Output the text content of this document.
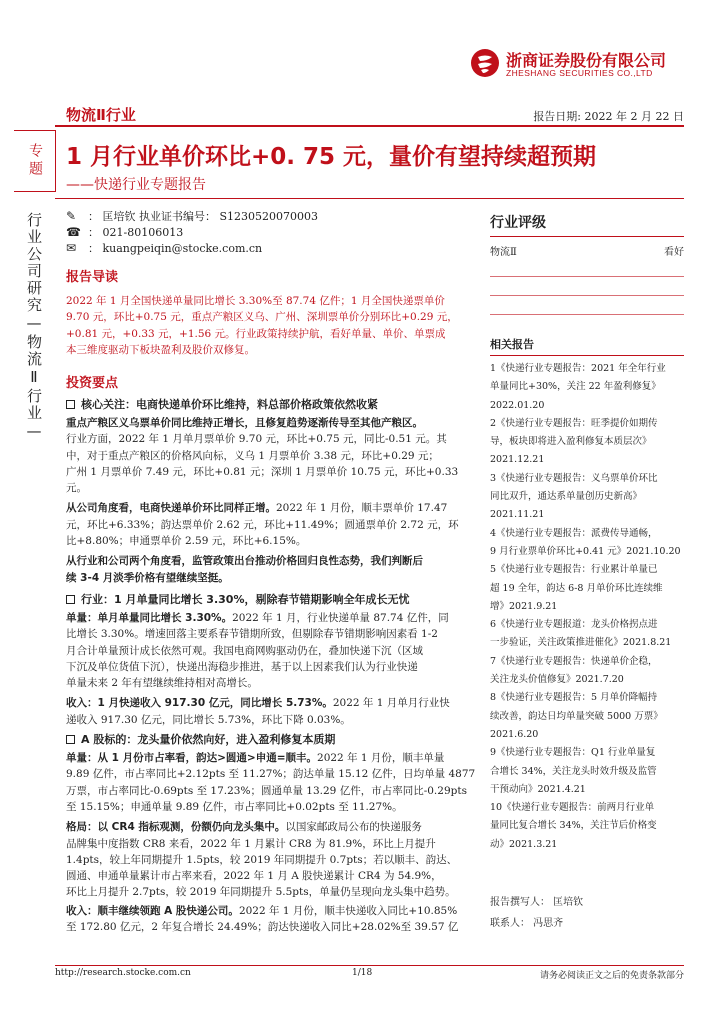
浙商证券股份有限公司
ZHESHANG SECURITIES CO.,LTD
物流Ⅱ行业	报告日期: 2022 年 2 月 22 日
专题
行业公司研究—物流Ⅱ行业—
1 月行业单价环比+0. 75 元，量价有望持续超预期
——快递行业专题报告
✎ ： 匡培钦 执业证书编号： S1230520070003
☎ ： 021-80106013
✉ ： kuangpeiqin@stocke.com.cn
报告导读
2022 年 1 月全国快递单量同比增长 3.30%至 87.74 亿件；1 月全国快递票单价
9.70 元，环比+0.75 元，重点产粮区义乌、广州、深圳票单价分别环比+0.29 元，
+0.81 元，+0.33 元，+1.56 元。行业政策持续护航，看好单量、单价、单票成
本三维度驱动下板块盈利及股价双修复。
投资要点
核心关注：电商快递单价环比维持，料总部价格政策依然收紧
重点产粮区义乌票单价同比维持正增长，且修复趋势逐渐传导至其他产粮区。
行业方面，2022 年 1 月单月票单价 9.70 元，环比+0.75 元，同比-0.51 元。其
中，对于重点产粮区的价格风向标，义乌 1 月票单价 3.38 元，环比+0.29 元；
广州 1 月票单价 7.49 元，环比+0.81 元；深圳 1 月票单价 10.75 元，环比+0.33
元。
从公司角度看，电商快递单价环比同样正增。2022 年 1 月份，顺丰票单价 17.47
元，环比+6.33%；韵达票单价 2.62 元，环比+11.49%；圆通票单价 2.72 元，环
比+8.80%；申通票单价 2.59 元，环比+6.15%。
从行业和公司两个角度看，监管政策出台推动价格回归良性态势，我们判断后
续 3-4 月淡季价格有望继续坚挺。
行业：1 月单量同比增长 3.30%，剔除春节错期影响全年成长无忧
单量：单月单量同比增长 3.30%。2022 年 1 月，行业快递单量 87.74 亿件，同
比增长 3.30%。增速回落主要系春节错期所致，但剔除春节错期影响因素看 1-2
月合计单量预计成长依然可观。我国电商网购驱动仍在，叠加快递下沉（区域
下沉及单位货值下沉），快递出海稳步推进，基于以上因素我们认为行业快递
单量未来 2 年有望继续维持相对高增长。
收入：1 月快递收入 917.30 亿元，同比增长 5.73%。2022 年 1 月单月行业快
递收入 917.30 亿元，同比增长 5.73%，环比下降 0.03%。
A 股标的：龙头量价依然向好，进入盈利修复本质期
单量：从 1 月份市占率看，韵达>圆通>申通=顺丰。2022 年 1 月份，顺丰单量
9.89 亿件，市占率同比+2.12pts 至 11.27%；韵达单量 15.12 亿件，日均单量 4877
万票，市占率同比-0.69pts 至 17.23%；圆通单量 13.29 亿件，市占率同比-0.29pts
至 15.15%；申通单量 9.89 亿件，市占率同比+0.02pts 至 11.27%。
格局：以 CR4 指标观测，份额仍向龙头集中。以国家邮政局公布的快递服务
品牌集中度指数 CR8 来看，2022 年 1 月累计 CR8 为 81.9%，环比上月提升
1.4pts，较上年同期提升 1.5pts，较 2019 年同期提升 0.7pts；若以顺丰、韵达、
圆通、申通单量累计市占率来看，2022 年 1 月 A 股快递累计 CR4 为 54.9%，
环比上月提升 2.7pts，较 2019 年同期提升 5.5pts，单量仍呈现向龙头集中趋势。
收入：顺丰继续领跑 A 股快递公司。2022 年 1 月份，顺丰快递收入同比+10.85%
至 172.80 亿元，2 年复合增长 24.49%；韵达快递收入同比+28.02%至 39.57 亿
行业评级
物流Ⅱ	看好
相关报告
1《快递行业专题报告：2021 年全年行业
单量同比+30%，关注 22 年盈利修复》
2022.01.20
2《快递行业专题报告：旺季提价如期传
导，板块即将进入盈利修复本质层次》
2021.12.21
3《快递行业专题报告：义乌票单价环比
同比双升，通达系单量创历史新高》
2021.11.21
4《快递行业专题报告：派费传导通畅，
9 月行业票单价环比+0.41 元》2021.10.20
5《快递行业专题报告：行业累计单量已
超 19 全年，韵达 6-8 月单价环比连续维
增》2021.9.21
6《快递行业专题报道：龙头价格拐点进
一步验证，关注政策推进催化》2021.8.21
7《快递行业专题报告：快递单价企稳，
关注龙头价值修复》2021.7.20
8《快递行业专题报告：5 月单价降幅持
续改善，韵达日均单量突破 5000 万票》
2021.6.20
9《快递行业专题报告：Q1 行业单量复
合增长 34%，关注龙头时效升级及监管
干预动向》2021.4.21
10《快递行业专题报告：前两月行业单
量同比复合增长 34%，关注节后价格变
动》2021.3.21
报告撰写人： 匡培钦
联系人： 冯思齐
http://research.stocke.com.cn	1/18	请务必阅读正文之后的免责条款部分
